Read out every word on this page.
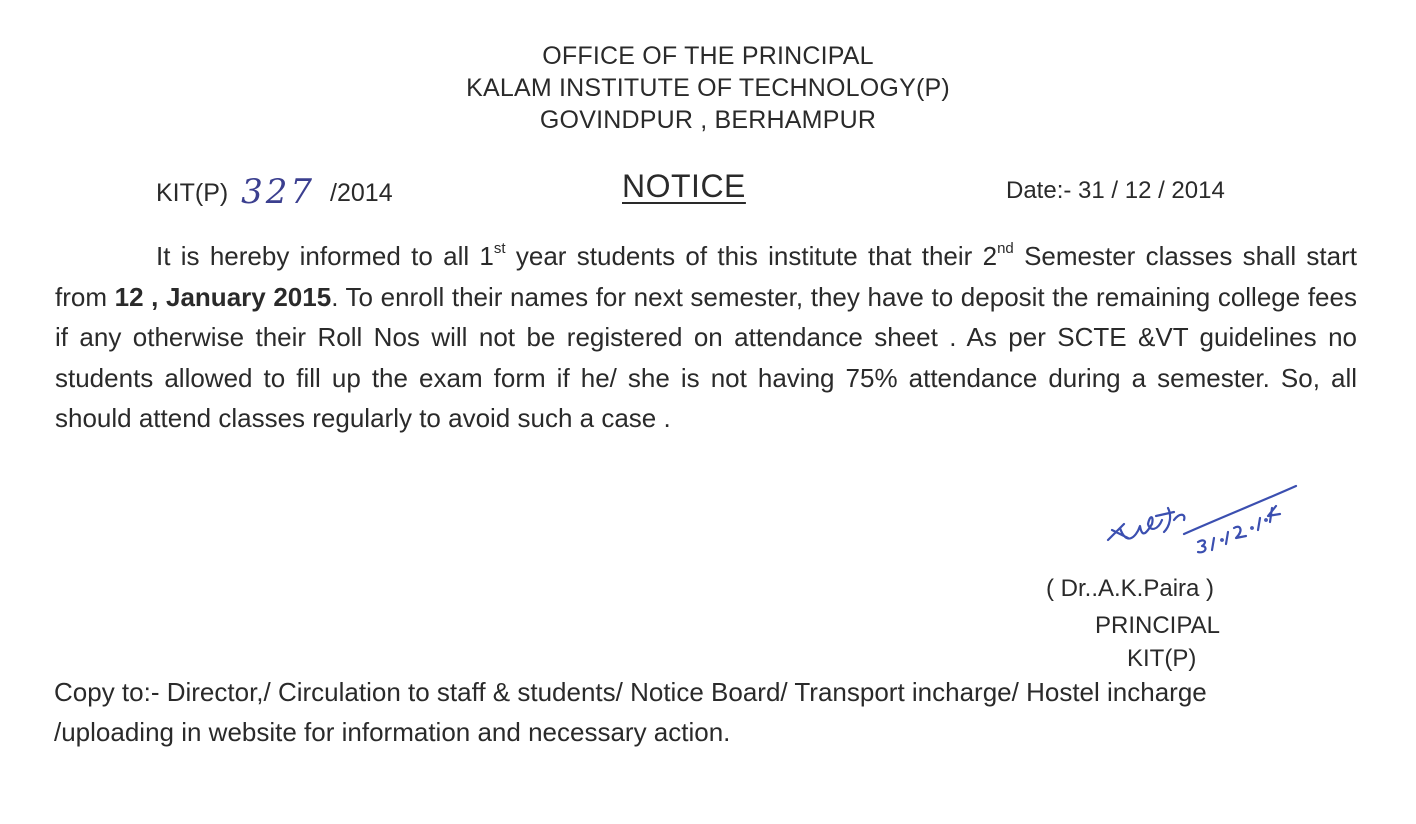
OFFICE OF THE PRINCIPAL
KALAM INSTITUTE OF TECHNOLOGY(P)
GOVINDPUR , BERHAMPUR
KIT(P) 327 /2014	NOTICE	Date:- 31 / 12 / 2014
It is hereby informed to all 1st year students of this institute that their 2nd Semester classes shall start from 12 , January 2015. To enroll their names for next semester, they have to deposit the remaining college fees if any otherwise their Roll Nos will not be registered on attendance sheet . As per SCTE &VT guidelines no students allowed to fill up the exam form if he/ she is not having 75% attendance during a semester. So, all should attend classes regularly to avoid such a case .
( Dr..A.K.Paira )
PRINCIPAL
KIT(P)
Copy to:- Director,/ Circulation to staff & students/ Notice Board/ Transport incharge/ Hostel incharge /uploading in website for information and necessary action.
